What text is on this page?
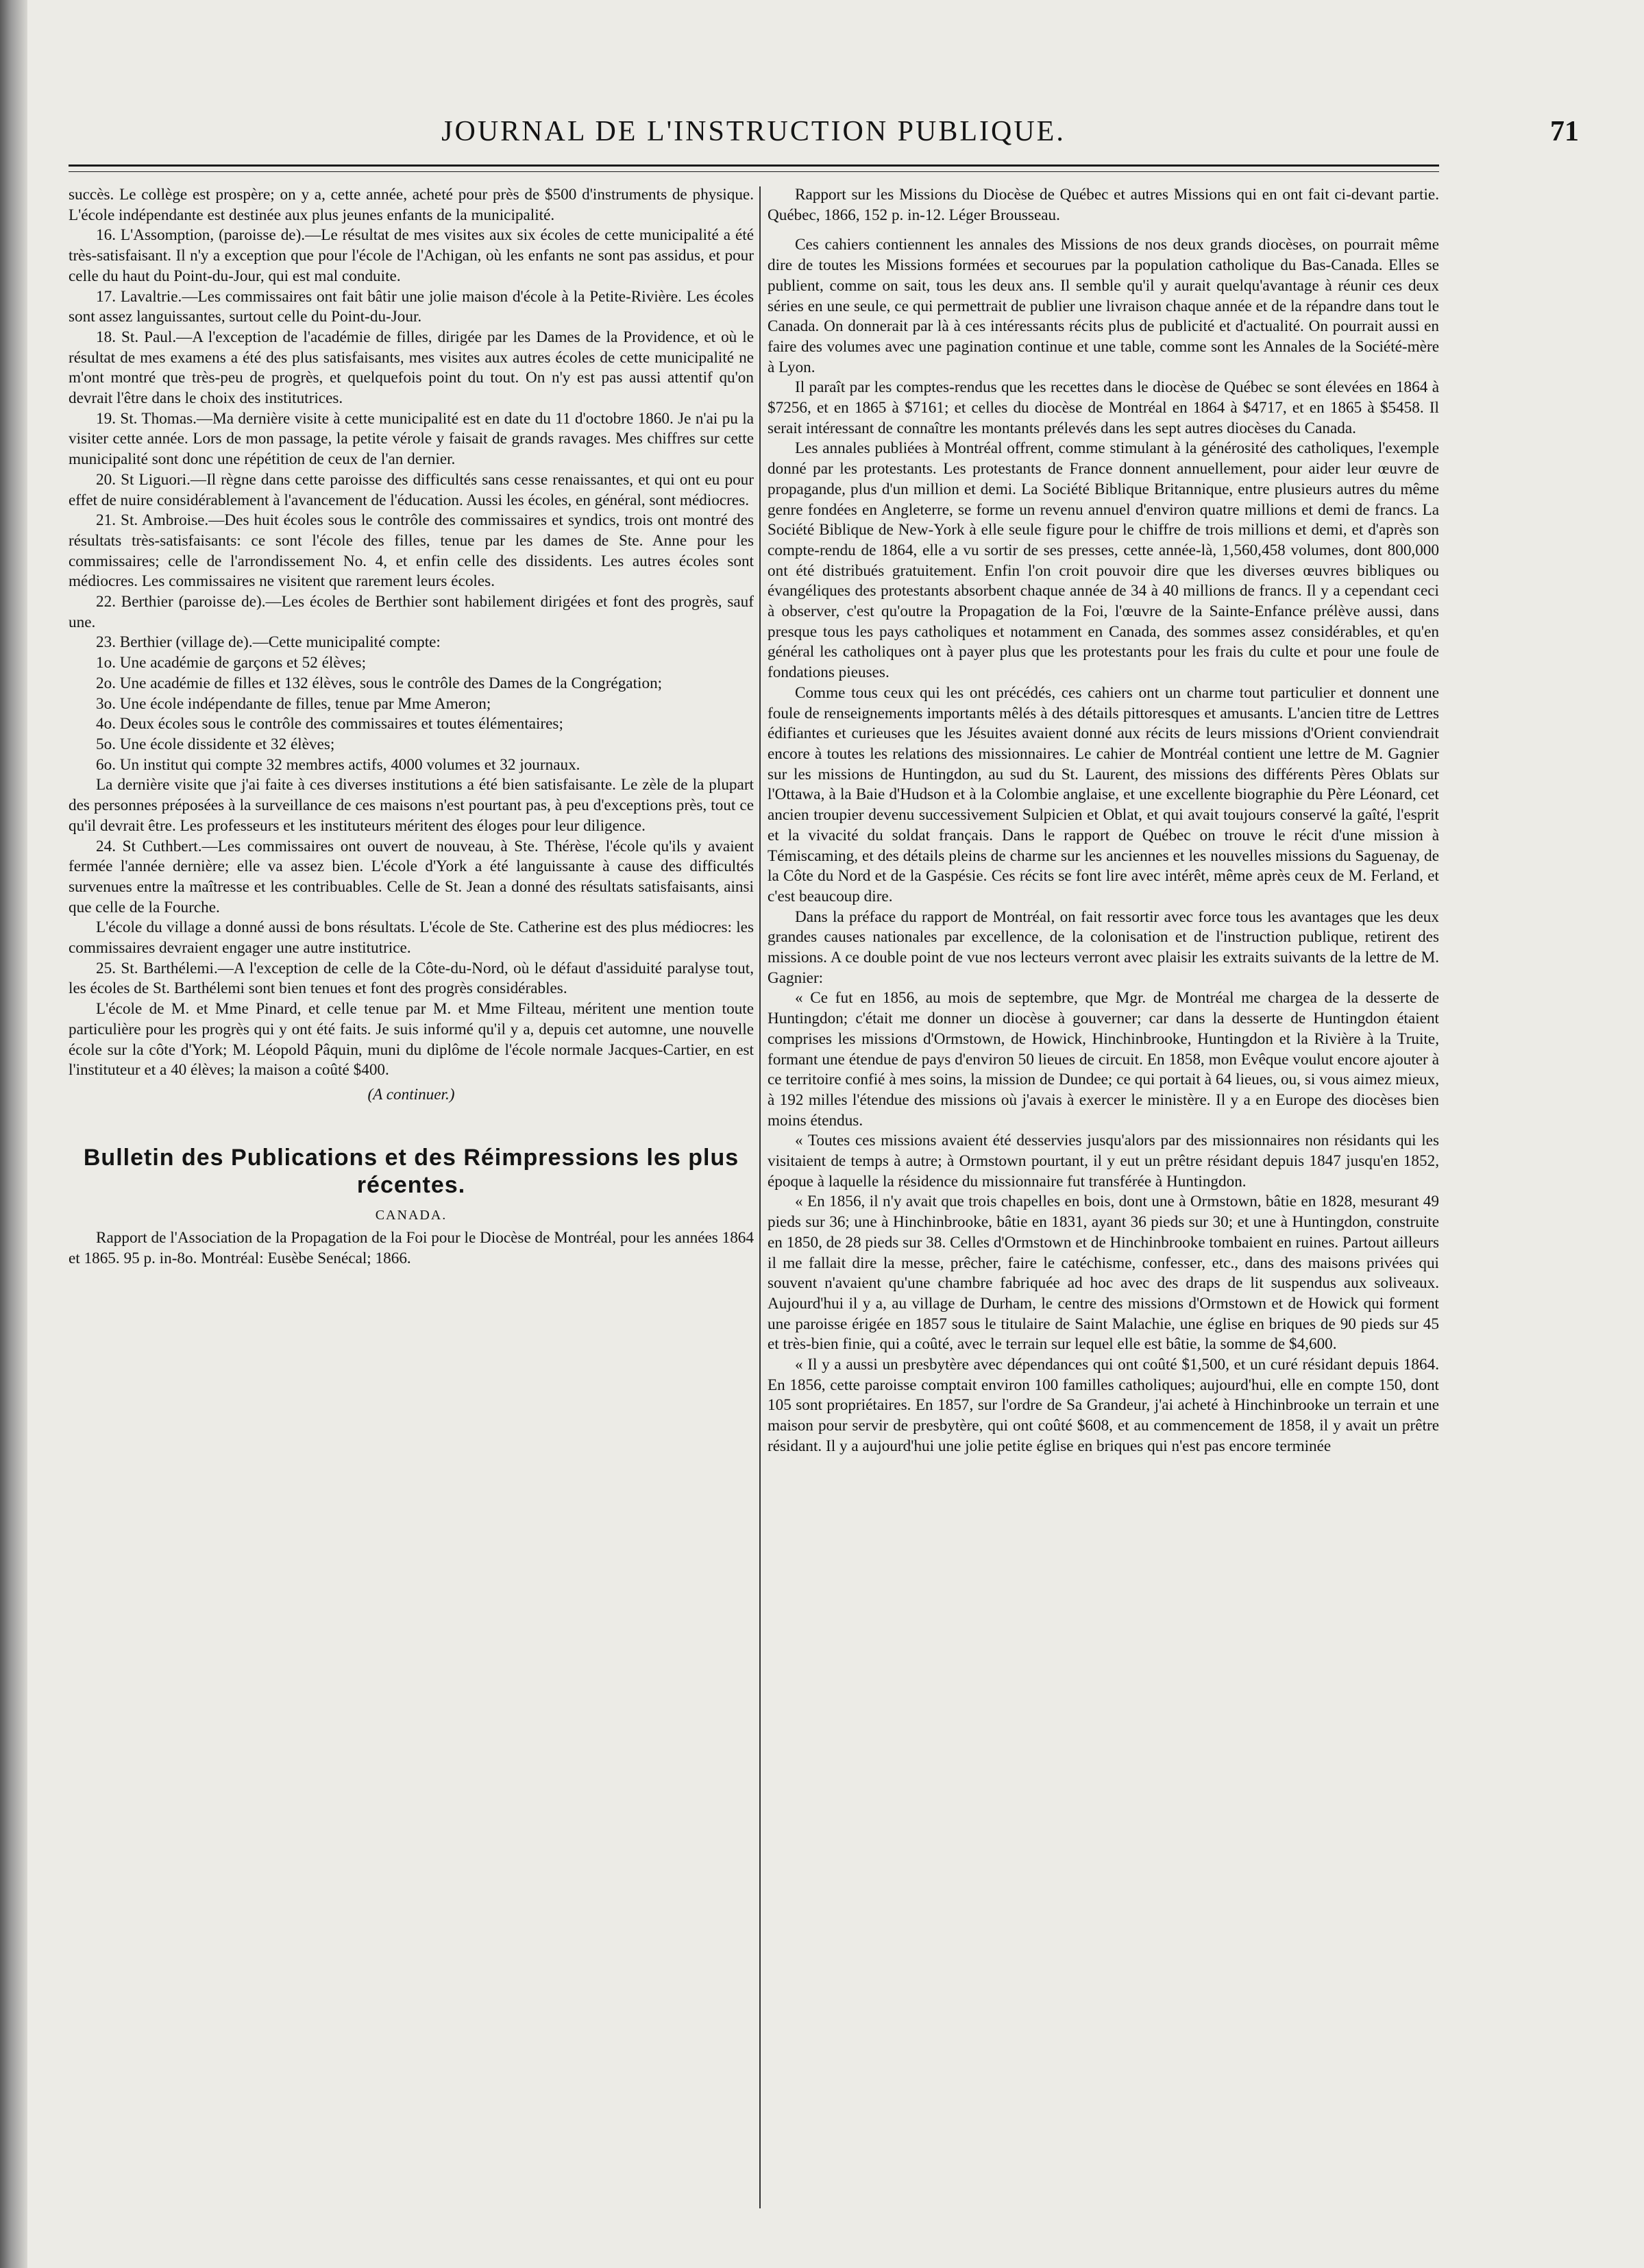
JOURNAL DE L'INSTRUCTION PUBLIQUE.	71

succès. Le collège est prospère; on y a, cette année, acheté pour près de $500 d'instruments de physique. L'école indépendante est destinée aux plus jeunes enfants de la municipalité.

16. L'Assomption, (paroisse de).—Le résultat de mes visites aux six écoles de cette municipalité a été très-satisfaisant. Il n'y a exception que pour l'école de l'Achigan, où les enfants ne sont pas assidus, et pour celle du haut du Point-du-Jour, qui est mal conduite.

17. Lavaltrie.—Les commissaires ont fait bâtir une jolie maison d'école à la Petite-Rivière. Les écoles sont assez languissantes, surtout celle du Point-du-Jour.

18. St. Paul.—A l'exception de l'académie de filles, dirigée par les Dames de la Providence, et où le résultat de mes examens a été des plus satisfaisants, mes visites aux autres écoles de cette municipalité ne m'ont montré que très-peu de progrès, et quelquefois point du tout. On n'y est pas aussi attentif qu'on devrait l'être dans le choix des institutrices.

19. St. Thomas.—Ma dernière visite à cette municipalité est en date du 11 d'octobre 1860. Je n'ai pu la visiter cette année. Lors de mon passage, la petite vérole y faisait de grands ravages. Mes chiffres sur cette municipalité sont donc une répétition de ceux de l'an dernier.

20. St Liguori.—Il règne dans cette paroisse des difficultés sans cesse renaissantes, et qui ont eu pour effet de nuire considérablement à l'avancement de l'éducation. Aussi les écoles, en général, sont médiocres.

21. St. Ambroise.—Des huit écoles sous le contrôle des commissaires et syndics, trois ont montré des résultats très-satisfaisants: ce sont l'école des filles, tenue par les dames de Ste. Anne pour les commissaires; celle de l'arrondissement No. 4, et enfin celle des dissidents. Les autres écoles sont médiocres. Les commissaires ne visitent que rarement leurs écoles.

22. Berthier (paroisse de).—Les écoles de Berthier sont habilement dirigées et font des progrès, sauf une.

23. Berthier (village de).—Cette municipalité compte:

1o. Une académie de garçons et 52 élèves;

2o. Une académie de filles et 132 élèves, sous le contrôle des Dames de la Congrégation;

3o. Une école indépendante de filles, tenue par Mme Ameron;

4o. Deux écoles sous le contrôle des commissaires et toutes élémentaires;

5o. Une école dissidente et 32 élèves;

6o. Un institut qui compte 32 membres actifs, 4000 volumes et 32 journaux.

La dernière visite que j'ai faite à ces diverses institutions a été bien satisfaisante. Le zèle de la plupart des personnes préposées à la surveillance de ces maisons n'est pourtant pas, à peu d'exceptions près, tout ce qu'il devrait être. Les professeurs et les instituteurs méritent des éloges pour leur diligence.

24. St Cuthbert.—Les commissaires ont ouvert de nouveau, à Ste. Thérèse, l'école qu'ils y avaient fermée l'année dernière; elle va assez bien. L'école d'York a été languissante à cause des difficultés survenues entre la maîtresse et les contribuables. Celle de St. Jean a donné des résultats satisfaisants, ainsi que celle de la Fourche.

L'école du village a donné aussi de bons résultats. L'école de Ste. Catherine est des plus médiocres: les commissaires devraient engager une autre institutrice.

25. St. Barthélemi.—A l'exception de celle de la Côte-du-Nord, où le défaut d'assiduité paralyse tout, les écoles de St. Barthélemi sont bien tenues et font des progrès considérables.

L'école de M. et Mme Pinard, et celle tenue par M. et Mme Filteau, méritent une mention toute particulière pour les progrès qui y ont été faits. Je suis informé qu'il y a, depuis cet automne, une nouvelle école sur la côte d'York; M. Léopold Pâquin, muni du diplôme de l'école normale Jacques-Cartier, en est l'instituteur et a 40 élèves; la maison a coûté $400.

(A continuer.)

Bulletin des Publications et des Réimpressions les plus récentes.
CANADA.

Rapport de l'Association de la Propagation de la Foi pour le Diocèse de Montréal, pour les années 1864 et 1865. 95 p. in-8o. Montréal: Eusèbe Senécal; 1866.

Rapport sur les Missions du Diocèse de Québec et autres Missions qui en ont fait ci-devant partie. Québec, 1866, 152 p. in-12. Léger Brousseau.

Ces cahiers contiennent les annales des Missions de nos deux grands diocèses, on pourrait même dire de toutes les Missions formées et secourues par la population catholique du Bas-Canada. Elles se publient, comme on sait, tous les deux ans. Il semble qu'il y aurait quelqu'avantage à réunir ces deux séries en une seule, ce qui permettrait de publier une livraison chaque année et de la répandre dans tout le Canada. On donnerait par là à ces intéressants récits plus de publicité et d'actualité. On pourrait aussi en faire des volumes avec une pagination continue et une table, comme sont les Annales de la Société-mère à Lyon.

Il paraît par les comptes-rendus que les recettes dans le diocèse de Québec se sont élevées en 1864 à $7256, et en 1865 à $7161; et celles du diocèse de Montréal en 1864 à $4717, et en 1865 à $5458. Il serait intéressant de connaître les montants prélevés dans les sept autres diocèses du Canada.

Les annales publiées à Montréal offrent, comme stimulant à la générosité des catholiques, l'exemple donné par les protestants. Les protestants de France donnent annuellement, pour aider leur œuvre de propagande, plus d'un million et demi. La Société Biblique Britannique, entre plusieurs autres du même genre fondées en Angleterre, se forme un revenu annuel d'environ quatre millions et demi de francs. La Société Biblique de New-York à elle seule figure pour le chiffre de trois millions et demi, et d'après son compte-rendu de 1864, elle a vu sortir de ses presses, cette année-là, 1,560,458 volumes, dont 800,000 ont été distribués gratuitement. Enfin l'on croit pouvoir dire que les diverses œuvres bibliques ou évangéliques des protestants absorbent chaque année de 34 à 40 millions de francs. Il y a cependant ceci à observer, c'est qu'outre la Propagation de la Foi, l'œuvre de la Sainte-Enfance prélève aussi, dans presque tous les pays catholiques et notamment en Canada, des sommes assez considérables, et qu'en général les catholiques ont à payer plus que les protestants pour les frais du culte et pour une foule de fondations pieuses.

Comme tous ceux qui les ont précédés, ces cahiers ont un charme tout particulier et donnent une foule de renseignements importants mêlés à des détails pittoresques et amusants. L'ancien titre de Lettres édifiantes et curieuses que les Jésuites avaient donné aux récits de leurs missions d'Orient conviendrait encore à toutes les relations des missionnaires. Le cahier de Montréal contient une lettre de M. Gagnier sur les missions de Huntingdon, au sud du St. Laurent, des missions des différents Pères Oblats sur l'Ottawa, à la Baie d'Hudson et à la Colombie anglaise, et une excellente biographie du Père Léonard, cet ancien troupier devenu successivement Sulpicien et Oblat, et qui avait toujours conservé la gaîté, l'esprit et la vivacité du soldat français. Dans le rapport de Québec on trouve le récit d'une mission à Témiscaming, et des détails pleins de charme sur les anciennes et les nouvelles missions du Saguenay, de la Côte du Nord et de la Gaspésie. Ces récits se font lire avec intérêt, même après ceux de M. Ferland, et c'est beaucoup dire.

Dans la préface du rapport de Montréal, on fait ressortir avec force tous les avantages que les deux grandes causes nationales par excellence, de la colonisation et de l'instruction publique, retirent des missions. A ce double point de vue nos lecteurs verront avec plaisir les extraits suivants de la lettre de M. Gagnier:

« Ce fut en 1856, au mois de septembre, que Mgr. de Montréal me chargea de la desserte de Huntingdon; c'était me donner un diocèse à gouverner; car dans la desserte de Huntingdon étaient comprises les missions d'Ormstown, de Howick, Hinchinbrooke, Huntingdon et la Rivière à la Truite, formant une étendue de pays d'environ 50 lieues de circuit. En 1858, mon Evêque voulut encore ajouter à ce territoire confié à mes soins, la mission de Dundee; ce qui portait à 64 lieues, ou, si vous aimez mieux, à 192 milles l'étendue des missions où j'avais à exercer le ministère. Il y a en Europe des diocèses bien moins étendus.

« Toutes ces missions avaient été desservies jusqu'alors par des missionnaires non résidants qui les visitaient de temps à autre; à Ormstown pourtant, il y eut un prêtre résidant depuis 1847 jusqu'en 1852, époque à laquelle la résidence du missionnaire fut transférée à Huntingdon.

« En 1856, il n'y avait que trois chapelles en bois, dont une à Ormstown, bâtie en 1828, mesurant 49 pieds sur 36; une à Hinchinbrooke, bâtie en 1831, ayant 36 pieds sur 30; et une à Huntingdon, construite en 1850, de 28 pieds sur 38. Celles d'Ormstown et de Hinchinbrooke tombaient en ruines. Partout ailleurs il me fallait dire la messe, prêcher, faire le catéchisme, confesser, etc., dans des maisons privées qui souvent n'avaient qu'une chambre fabriquée ad hoc avec des draps de lit suspendus aux soliveaux. Aujourd'hui il y a, au village de Durham, le centre des missions d'Ormstown et de Howick qui forment une paroisse érigée en 1857 sous le titulaire de Saint Malachie, une église en briques de 90 pieds sur 45 et très-bien finie, qui a coûté, avec le terrain sur lequel elle est bâtie, la somme de $4,600.

« Il y a aussi un presbytère avec dépendances qui ont coûté $1,500, et un curé résidant depuis 1864. En 1856, cette paroisse comptait environ 100 familles catholiques; aujourd'hui, elle en compte 150, dont 105 sont propriétaires. En 1857, sur l'ordre de Sa Grandeur, j'ai acheté à Hinchinbrooke un terrain et une maison pour servir de presbytère, qui ont coûté $608, et au commencement de 1858, il y avait un prêtre résidant. Il y a aujourd'hui une jolie petite église en briques qui n'est pas encore terminée
